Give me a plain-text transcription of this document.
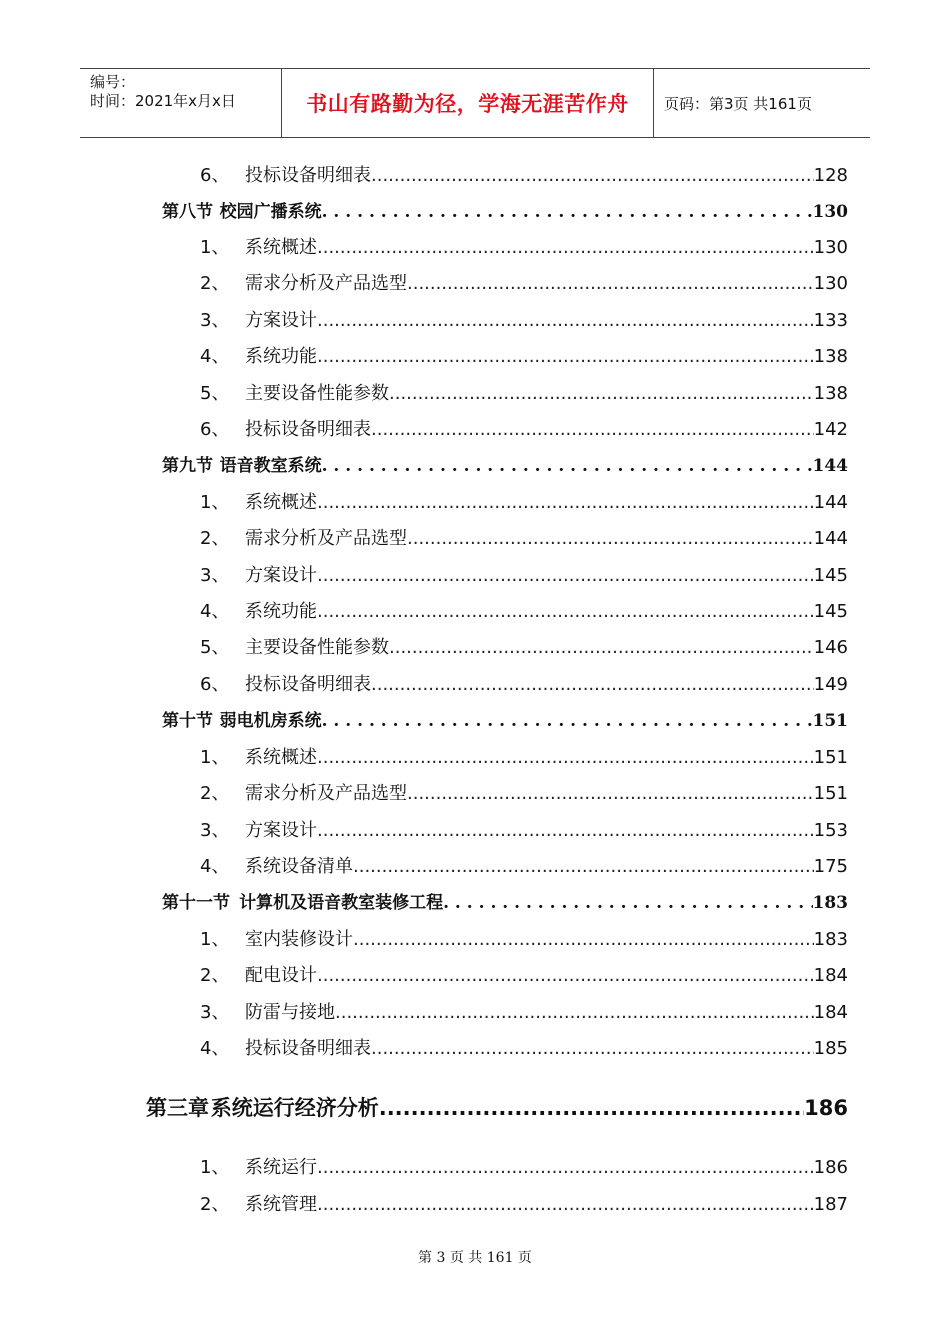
编号：
时间：2021年x月x日	书山有路勤为径，学海无涯苦作舟	页码：第3页 共161页
6、 投标设备明细表 .....	128
第八节 校园广播系统 . . .	130
1、 系统概述 .....	130
2、 需求分析及产品选型 .....	130
3、 方案设计 .....	133
4、 系统功能 .....	138
5、 主要设备性能参数 .....	138
6、 投标设备明细表 .....	142
第九节 语音教室系统 . . .	144
1、 系统概述 .....	144
2、 需求分析及产品选型 .....	144
3、 方案设计 .....	145
4、 系统功能 .....	145
5、 主要设备性能参数 .....	146
6、 投标设备明细表 .....	149
第十节 弱电机房系统 . . .	151
1、 系统概述 .....	151
2、 需求分析及产品选型 .....	151
3、 方案设计 .....	153
4、 系统设备清单 .....	175
第十一节 计算机及语音教室装修工程 . . .	183
1、 室内装修设计 .....	183
2、 配电设计 .....	184
3、 防雷与接地 .....	184
4、 投标设备明细表 .....	185
第三章 系统运行经济分析 .....	186
1、 系统运行 .....	186
2、 系统管理 .....	187
第 3 页 共 161 页
